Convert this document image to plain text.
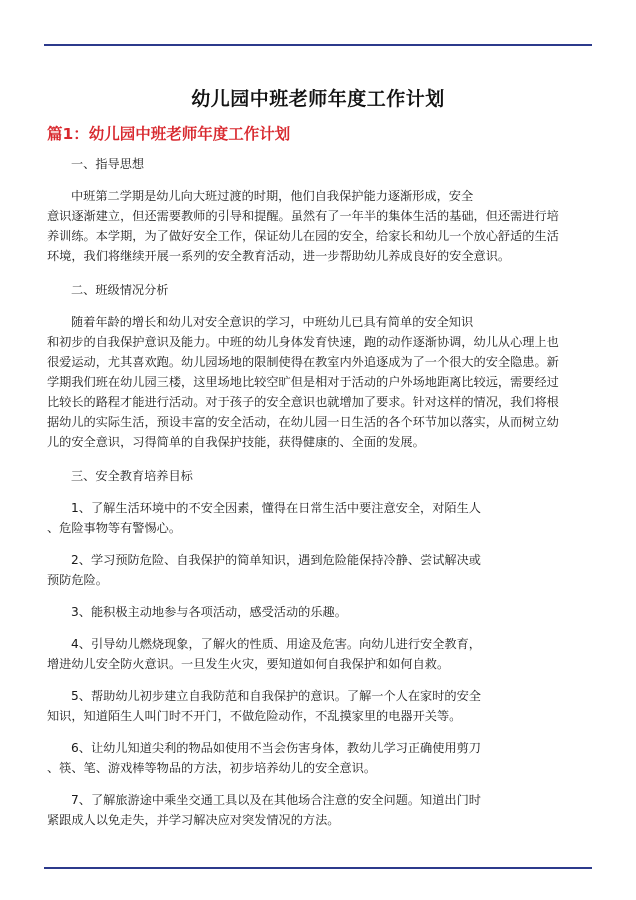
幼儿园中班老师年度工作计划
篇1：幼儿园中班老师年度工作计划
一、指导思想
中班第二学期是幼儿向大班过渡的时期，他们自我保护能力逐渐形成，安全
意识逐渐建立，但还需要教师的引导和提醒。虽然有了一年半的集体生活的基础，但还需进行培
养训练。本学期，为了做好安全工作，保证幼儿在园的安全，给家长和幼儿一个放心舒适的生活
环境，我们将继续开展一系列的安全教育活动，进一步帮助幼儿养成良好的安全意识。
二、班级情况分析
随着年龄的增长和幼儿对安全意识的学习，中班幼儿已具有简单的安全知识
和初步的自我保护意识及能力。中班的幼儿身体发育快速，跑的动作逐渐协调，幼儿从心理上也
很爱运动，尤其喜欢跑。幼儿园场地的限制使得在教室内外追逐成为了一个很大的安全隐患。新
学期我们班在幼儿园三楼，这里场地比较空旷但是相对于活动的户外场地距离比较远，需要经过
比较长的路程才能进行活动。对于孩子的安全意识也就增加了要求。针对这样的情况，我们将根
据幼儿的实际生活，预设丰富的安全活动，在幼儿园一日生活的各个环节加以落实，从而树立幼
儿的安全意识，习得简单的自我保护技能，获得健康的、全面的发展。
三、安全教育培养目标
1、了解生活环境中的不安全因素，懂得在日常生活中要注意安全，对陌生人
、危险事物等有警惕心。
2、学习预防危险、自我保护的简单知识，遇到危险能保持冷静、尝试解决或
预防危险。
3、能积极主动地参与各项活动，感受活动的乐趣。
4、引导幼儿燃烧现象，了解火的性质、用途及危害。向幼儿进行安全教育，
增进幼儿安全防火意识。一旦发生火灾，要知道如何自我保护和如何自救。
5、帮助幼儿初步建立自我防范和自我保护的意识。了解一个人在家时的安全
知识，知道陌生人叫门时不开门，不做危险动作，不乱摸家里的电器开关等。
6、让幼儿知道尖利的物品如使用不当会伤害身体，教幼儿学习正确使用剪刀
、筷、笔、游戏棒等物品的方法，初步培养幼儿的安全意识。
7、了解旅游途中乘坐交通工具以及在其他场合注意的安全问题。知道出门时
紧跟成人以免走失，并学习解决应对突发情况的方法。
